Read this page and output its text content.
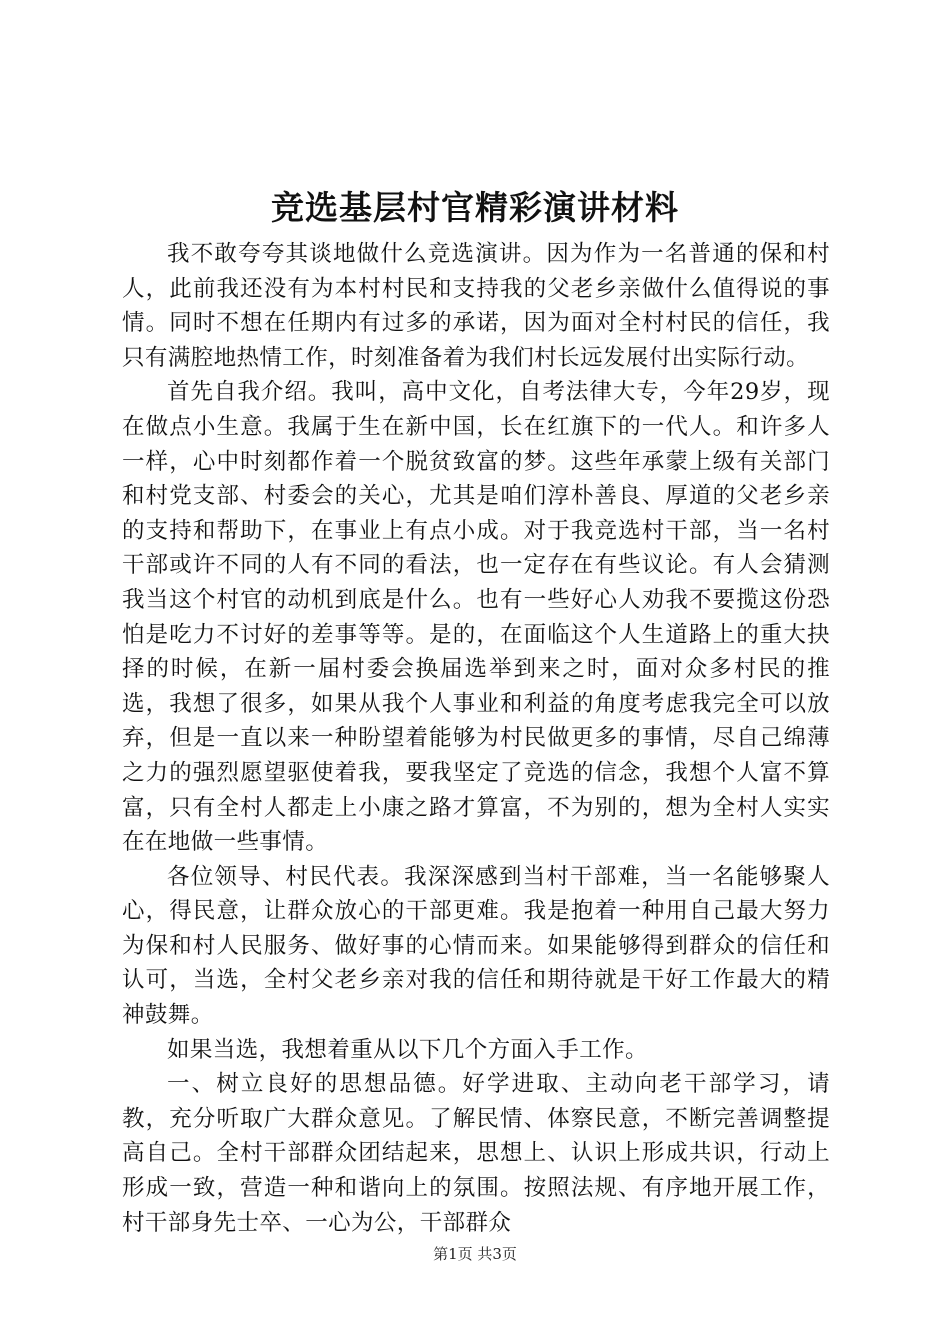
竞选基层村官精彩演讲材料

我不敢夸夸其谈地做什么竞选演讲。因为作为一名普通的保和村人，此前我还没有为本村村民和支持我的父老乡亲做什么值得说的事情。同时不想在任期内有过多的承诺，因为面对全村村民的信任，我只有满腔地热情工作，时刻准备着为我们村长远发展付出实际行动。

首先自我介绍。我叫，高中文化，自考法律大专，今年29岁，现在做点小生意。我属于生在新中国，长在红旗下的一代人。和许多人一样，心中时刻都作着一个脱贫致富的梦。这些年承蒙上级有关部门和村党支部、村委会的关心，尤其是咱们淳朴善良、厚道的父老乡亲的支持和帮助下，在事业上有点小成。对于我竞选村干部，当一名村干部或许不同的人有不同的看法，也一定存在有些议论。有人会猜测我当这个村官的动机到底是什么。也有一些好心人劝我不要揽这份恐怕是吃力不讨好的差事等等。是的，在面临这个人生道路上的重大抉择的时候，在新一届村委会换届选举到来之时，面对众多村民的推选，我想了很多，如果从我个人事业和利益的角度考虑我完全可以放弃，但是一直以来一种盼望着能够为村民做更多的事情，尽自己绵薄之力的强烈愿望驱使着我，要我坚定了竞选的信念，我想个人富不算富，只有全村人都走上小康之路才算富，不为别的，想为全村人实实在在地做一些事情。

各位领导、村民代表。我深深感到当村干部难，当一名能够聚人心，得民意，让群众放心的干部更难。我是抱着一种用自己最大努力为保和村人民服务、做好事的心情而来。如果能够得到群众的信任和认可，当选，全村父老乡亲对我的信任和期待就是干好工作最大的精神鼓舞。

如果当选，我想着重从以下几个方面入手工作。

一、树立良好的思想品德。好学进取、主动向老干部学习，请教，充分听取广大群众意见。了解民情、体察民意，不断完善调整提高自己。全村干部群众团结起来，思想上、认识上形成共识，行动上形成一致，营造一种和谐向上的氛围。按照法规、有序地开展工作，村干部身先士卒、一心为公，干部群众

第1页 共3页
